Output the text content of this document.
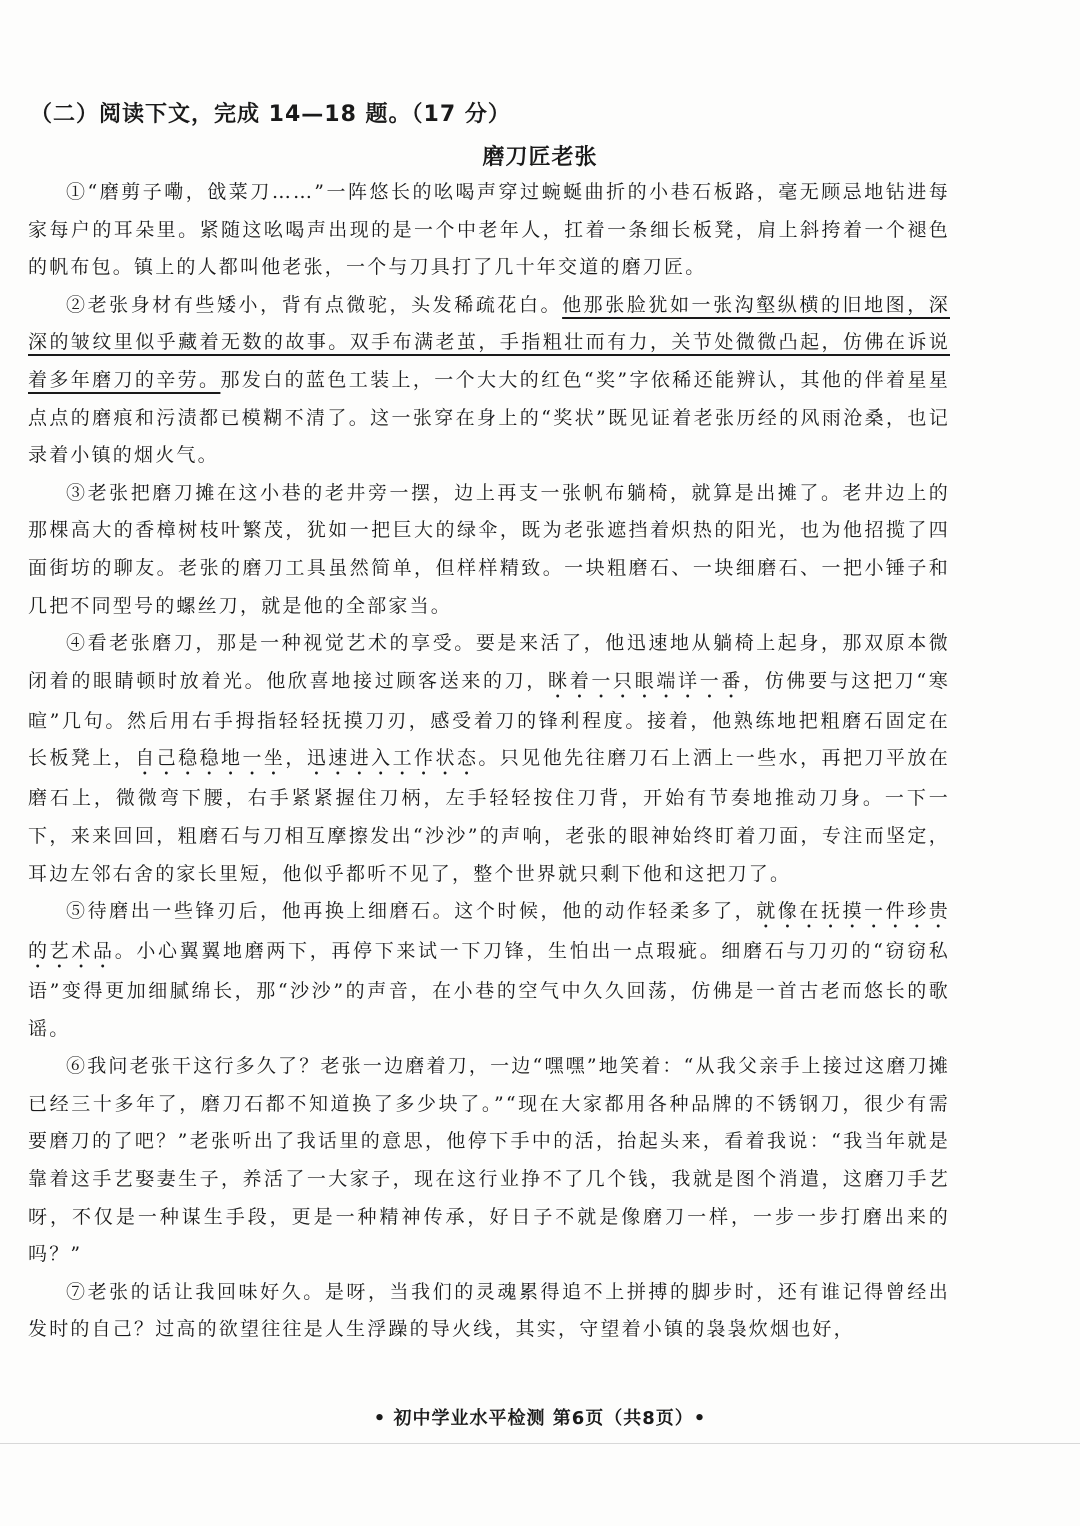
（二）阅读下文，完成 14—18 题。（17 分）
磨刀匠老张

①“磨剪子嘞，戗菜刀……”一阵悠长的吆喝声穿过蜿蜒曲折的小巷石板路，毫无顾忌地钻进每家每户的耳朵里。紧随这吆喝声出现的是一个中老年人，扛着一条细长板凳，肩上斜挎着一个褪色的帆布包。镇上的人都叫他老张，一个与刀具打了几十年交道的磨刀匠。

②老张身材有些矮小，背有点微驼，头发稀疏花白。他那张脸犹如一张沟壑纵横的旧地图，深深的皱纹里似乎藏着无数的故事。双手布满老茧，手指粗壮而有力，关节处微微凸起，仿佛在诉说着多年磨刀的辛劳。那发白的蓝色工装上，一个大大的红色“奖”字依稀还能辨认，其他的伴着星星点点的磨痕和污渍都已模糊不清了。这一张穿在身上的“奖状”既见证着老张历经的风雨沧桑，也记录着小镇的烟火气。

③老张把磨刀摊在这小巷的老井旁一摆，边上再支一张帆布躺椅，就算是出摊了。老井边上的那棵高大的香樟树枝叶繁茂，犹如一把巨大的绿伞，既为老张遮挡着炽热的阳光，也为他招揽了四面街坊的聊友。老张的磨刀工具虽然简单，但样样精致。一块粗磨石、一块细磨石、一把小锤子和几把不同型号的螺丝刀，就是他的全部家当。

④看老张磨刀，那是一种视觉艺术的享受。要是来活了，他迅速地从躺椅上起身，那双原本微闭着的眼睛顿时放着光。他欣喜地接过顾客送来的刀，眯着一只眼端详一番，仿佛要与这把刀“寒暄”几句。然后用右手拇指轻轻抚摸刀刃，感受着刀的锋利程度。接着，他熟练地把粗磨石固定在长板凳上，自己稳稳地一坐，迅速进入工作状态。只见他先往磨刀石上洒上一些水，再把刀平放在磨石上，微微弯下腰，右手紧紧握住刀柄，左手轻轻按住刀背，开始有节奏地推动刀身。一下一下，来来回回，粗磨石与刀相互摩擦发出“沙沙”的声响，老张的眼神始终盯着刀面，专注而坚定，耳边左邻右舍的家长里短，他似乎都听不见了，整个世界就只剩下他和这把刀了。

⑤待磨出一些锋刃后，他再换上细磨石。这个时候，他的动作轻柔多了，就像在抚摸一件珍贵的艺术品。小心翼翼地磨两下，再停下来试一下刀锋，生怕出一点瑕疵。细磨石与刀刃的“窃窃私语”变得更加细腻绵长，那“沙沙”的声音，在小巷的空气中久久回荡，仿佛是一首古老而悠长的歌谣。

⑥我问老张干这行多久了？老张一边磨着刀，一边“嘿嘿”地笑着：“从我父亲手上接过这磨刀摊已经三十多年了，磨刀石都不知道换了多少块了。”“现在大家都用各种品牌的不锈钢刀，很少有需要磨刀的了吧？”老张听出了我话里的意思，他停下手中的活，抬起头来，看着我说：“我当年就是靠着这手艺娶妻生子，养活了一大家子，现在这行业挣不了几个钱，我就是图个消遣，这磨刀手艺呀，不仅是一种谋生手段，更是一种精神传承，好日子不就是像磨刀一样，一步一步打磨出来的吗？”

⑦老张的话让我回味好久。是呀，当我们的灵魂累得追不上拼搏的脚步时，还有谁记得曾经出发时的自己？过高的欲望往往是人生浮躁的导火线，其实，守望着小镇的袅袅炊烟也好，

• 初中学业水平检测 第6页（共8页）•
